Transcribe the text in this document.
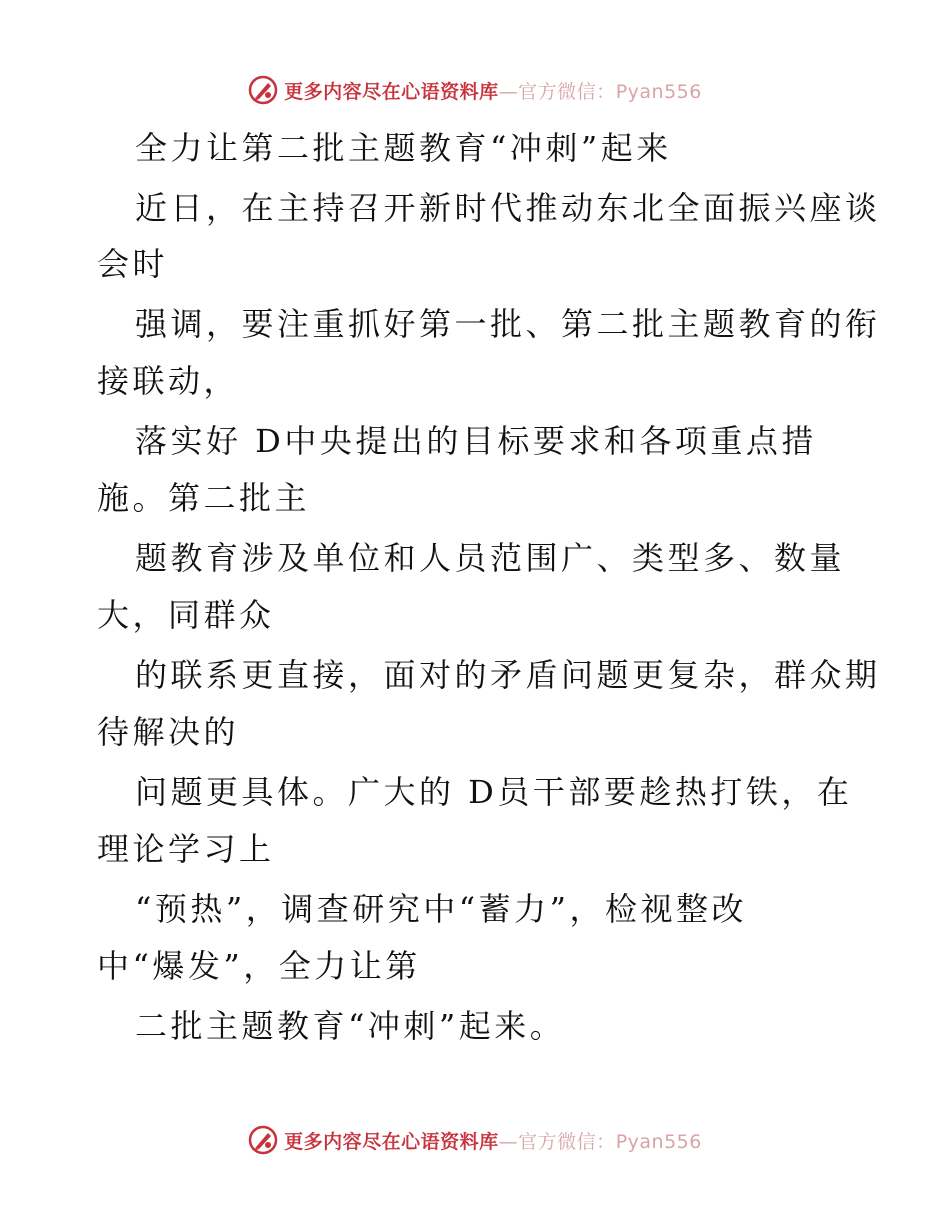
更多内容尽在心语资料库—官方微信：Pyan556
全力让第二批主题教育“冲刺”起来
近日，在主持召开新时代推动东北全面振兴座谈
会时
强调，要注重抓好第一批、第二批主题教育的衔
接联动，
落实好 D中央提出的目标要求和各项重点措
施。第二批主
题教育涉及单位和人员范围广、类型多、数量
大，同群众
的联系更直接，面对的矛盾问题更复杂，群众期
待解决的
问题更具体。广大的 D员干部要趁热打铁，在
理论学习上
“预热”，调查研究中“蓄力”，检视整改
中“爆发”，全力让第
二批主题教育“冲刺”起来。
更多内容尽在心语资料库—官方微信：Pyan556
